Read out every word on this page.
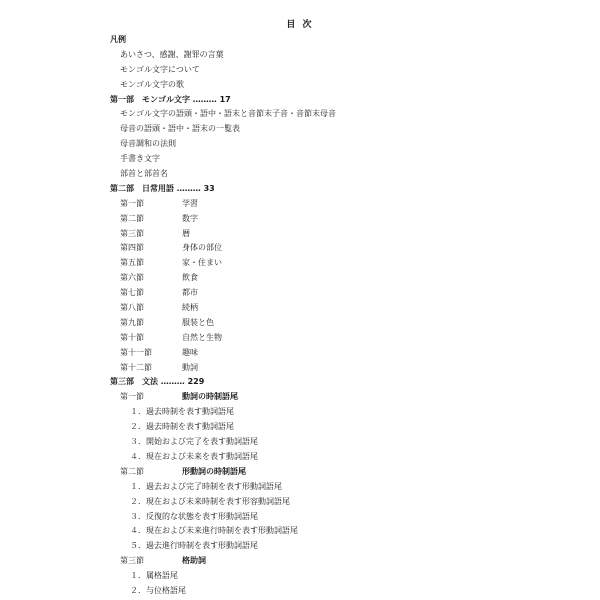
目 次
凡例
あいさつ、感謝、謝罪の言葉
モンゴル文字について
モンゴル文字の歌
第一部　モンゴル文字 ……… 17
モンゴル文字の語頭・語中・語末と音節末子音・音節末母音
母音の語頭・語中・語末の一覧表
母音調和の法則
手書き文字
部首と部首名
第二部　日常用語 ……… 33
第一節	学習
第二節	数字
第三節	暦
第四節	身体の部位
第五節	家・住まい
第六節	飲食
第七節	都市
第八節	続柄
第九節	服装と色
第十節	自然と生物
第十一節	趣味
第十二節	動詞
第三部　文法 ……… 229
第一節	動詞の時制語尾
１．過去時制を表す動詞語尾
２．過去時制を表す動詞語尾
３．開始および完了を表す動詞語尾
４．現在および未来を表す動詞語尾
第二節	形動詞の時制語尾
１．過去および完了時制を表す形動詞語尾
２．現在および未来時制を表す形容動詞語尾
３．反復的な状態を表す形動詞語尾
４．現在および未来進行時制を表す形動詞語尾
５．過去進行時制を表す形動詞語尾
第三節	格助詞
１．属格語尾
２．与位格語尾
